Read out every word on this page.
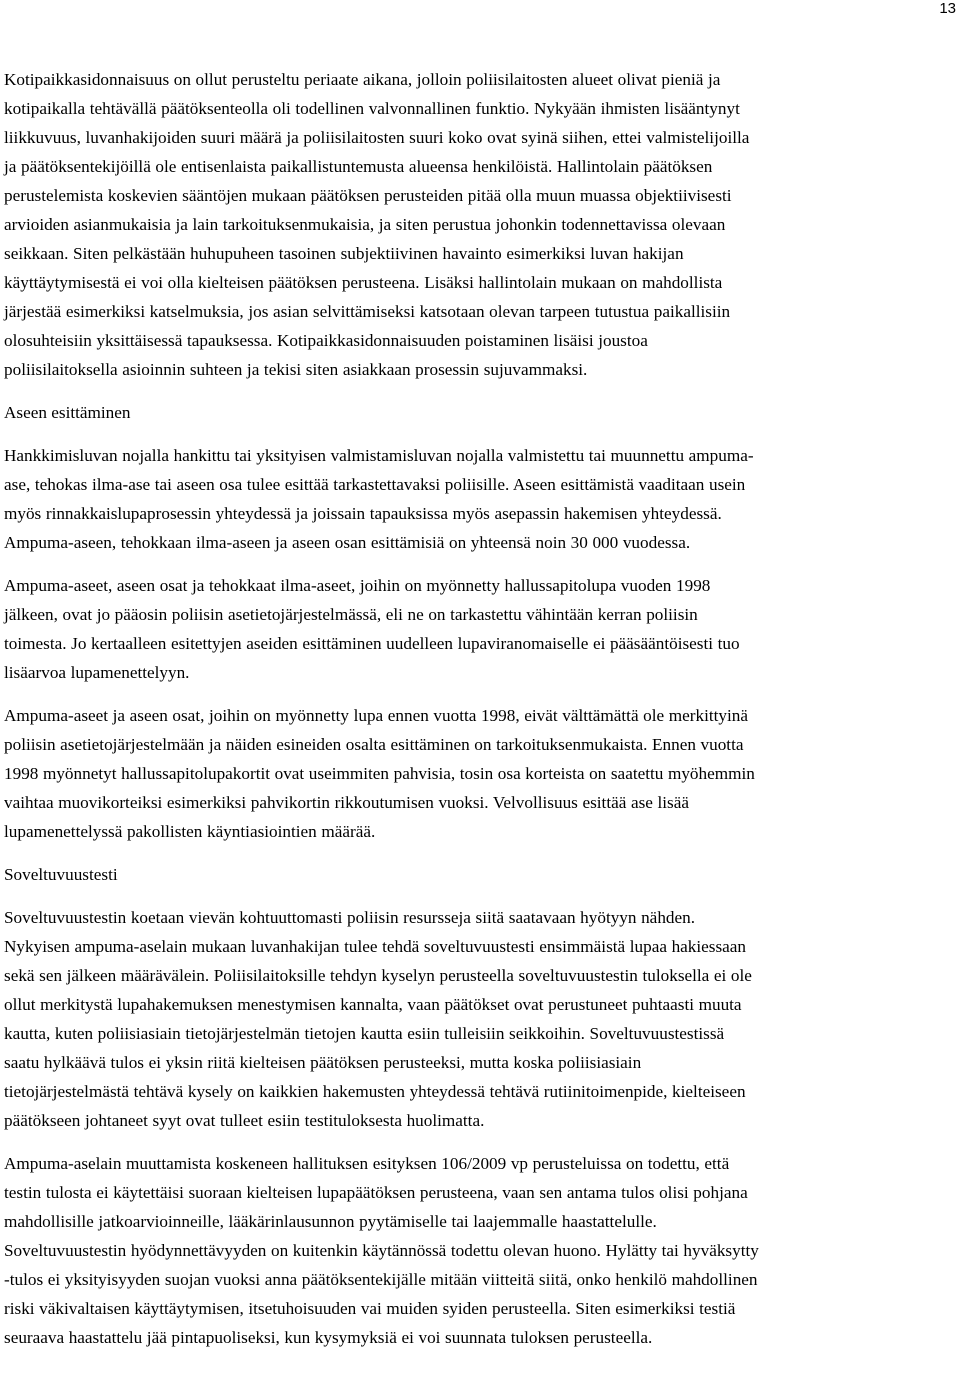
13

Kotipaikkasidonnaisuus on ollut perusteltu periaate aikana, jolloin poliisilaitosten alueet olivat pieniä ja
kotipaikalla tehtävällä päätöksenteolla oli todellinen valvonnallinen funktio. Nykyään ihmisten lisääntynyt
liikkuvuus, luvanhakijoiden suuri määrä ja poliisilaitosten suuri koko ovat syinä siihen, ettei valmistelijoilla
ja päätöksentekijöillä ole entisenlaista paikallistuntemusta alueensa henkilöistä. Hallintolain päätöksen
perustelemista koskevien sääntöjen mukaan päätöksen perusteiden pitää olla muun muassa objektiivisesti
arvioiden asianmukaisia ja lain tarkoituksenmukaisia, ja siten perustua johonkin todennettavissa olevaan
seikkaan. Siten pelkästään huhupuheen tasoinen subjektiivinen havainto esimerkiksi luvan hakijan
käyttäytymisestä ei voi olla kielteisen päätöksen perusteena. Lisäksi hallintolain mukaan on mahdollista
järjestää esimerkiksi katselmuksia, jos asian selvittämiseksi katsotaan olevan tarpeen tutustua paikallisiin
olosuhteisiin yksittäisessä tapauksessa. Kotipaikkasidonnaisuuden poistaminen lisäisi joustoa
poliisilaitoksella asioinnin suhteen ja tekisi siten asiakkaan prosessin sujuvammaksi.

Aseen esittäminen

Hankkimisluvan nojalla hankittu tai yksityisen valmistamisluvan nojalla valmistettu tai muunnettu ampuma-
ase, tehokas ilma-ase tai aseen osa tulee esittää tarkastettavaksi poliisille. Aseen esittämistä vaaditaan usein
myös rinnakkaislupaprosessin yhteydessä ja joissain tapauksissa myös asepassin hakemisen yhteydessä.
Ampuma-aseen, tehokkaan ilma-aseen ja aseen osan esittämisiä on yhteensä noin 30 000 vuodessa.

Ampuma-aseet, aseen osat ja tehokkaat ilma-aseet, joihin on myönnetty hallussapitolupa vuoden 1998
jälkeen, ovat jo pääosin poliisin asetietojärjestelmässä, eli ne on tarkastettu vähintään kerran poliisin
toimesta. Jo kertaalleen esitettyjen aseiden esittäminen uudelleen lupaviranomaiselle ei pääsääntöisesti tuo
lisäarvoa lupamenettelyyn.

Ampuma-aseet ja aseen osat, joihin on myönnetty lupa ennen vuotta 1998, eivät välttämättä ole merkittyinä
poliisin asetietojärjestelmään ja näiden esineiden osalta esittäminen on tarkoituksenmukaista. Ennen vuotta
1998 myönnetyt hallussapitolupakortit ovat useimmiten pahvisia, tosin osa korteista on saatettu myöhemmin
vaihtaa muovikorteiksi esimerkiksi pahvikortin rikkoutumisen vuoksi. Velvollisuus esittää ase lisää
lupamenettelyssä pakollisten käyntiasiointien määrää.

Soveltuvuustesti

Soveltuvuustestin koetaan vievän kohtuuttomasti poliisin resursseja siitä saatavaan hyötyyn nähden.
Nykyisen ampuma-aselain mukaan luvanhakijan tulee tehdä soveltuvuustesti ensimmäistä lupaa hakiessaan
sekä sen jälkeen määrävälein. Poliisilaitoksille tehdyn kyselyn perusteella soveltuvuustestin tuloksella ei ole
ollut merkitystä lupahakemuksen menestymisen kannalta, vaan päätökset ovat perustuneet puhtaasti muuta
kautta, kuten poliisiasiain tietojärjestelmän tietojen kautta esiin tulleisiin seikkoihin. Soveltuvuustestissä
saatu hylkäävä tulos ei yksin riitä kielteisen päätöksen perusteeksi, mutta koska poliisiasiain
tietojärjestelmästä tehtävä kysely on kaikkien hakemusten yhteydessä tehtävä rutiinitoimenpide, kielteiseen
päätökseen johtaneet syyt ovat tulleet esiin testituloksesta huolimatta.

Ampuma-aselain muuttamista koskeneen hallituksen esityksen 106/2009 vp perusteluissa on todettu, että
testin tulosta ei käytettäisi suoraan kielteisen lupapäätöksen perusteena, vaan sen antama tulos olisi pohjana
mahdollisille jatkoarvioinneille, lääkärinlausunnon pyytämiselle tai laajemmalle haastattelulle.
Soveltuvuustestin hyödynnettävyyden on kuitenkin käytännössä todettu olevan huono. Hylätty tai hyväksytty
-tulos ei yksityisyyden suojan vuoksi anna päätöksentekijälle mitään viitteitä siitä, onko henkilö mahdollinen
riski väkivaltaisen käyttäytymisen, itsetuhoisuuden vai muiden syiden perusteella. Siten esimerkiksi testiä
seuraava haastattelu jää pintapuoliseksi, kun kysymyksiä ei voi suunnata tuloksen perusteella.
